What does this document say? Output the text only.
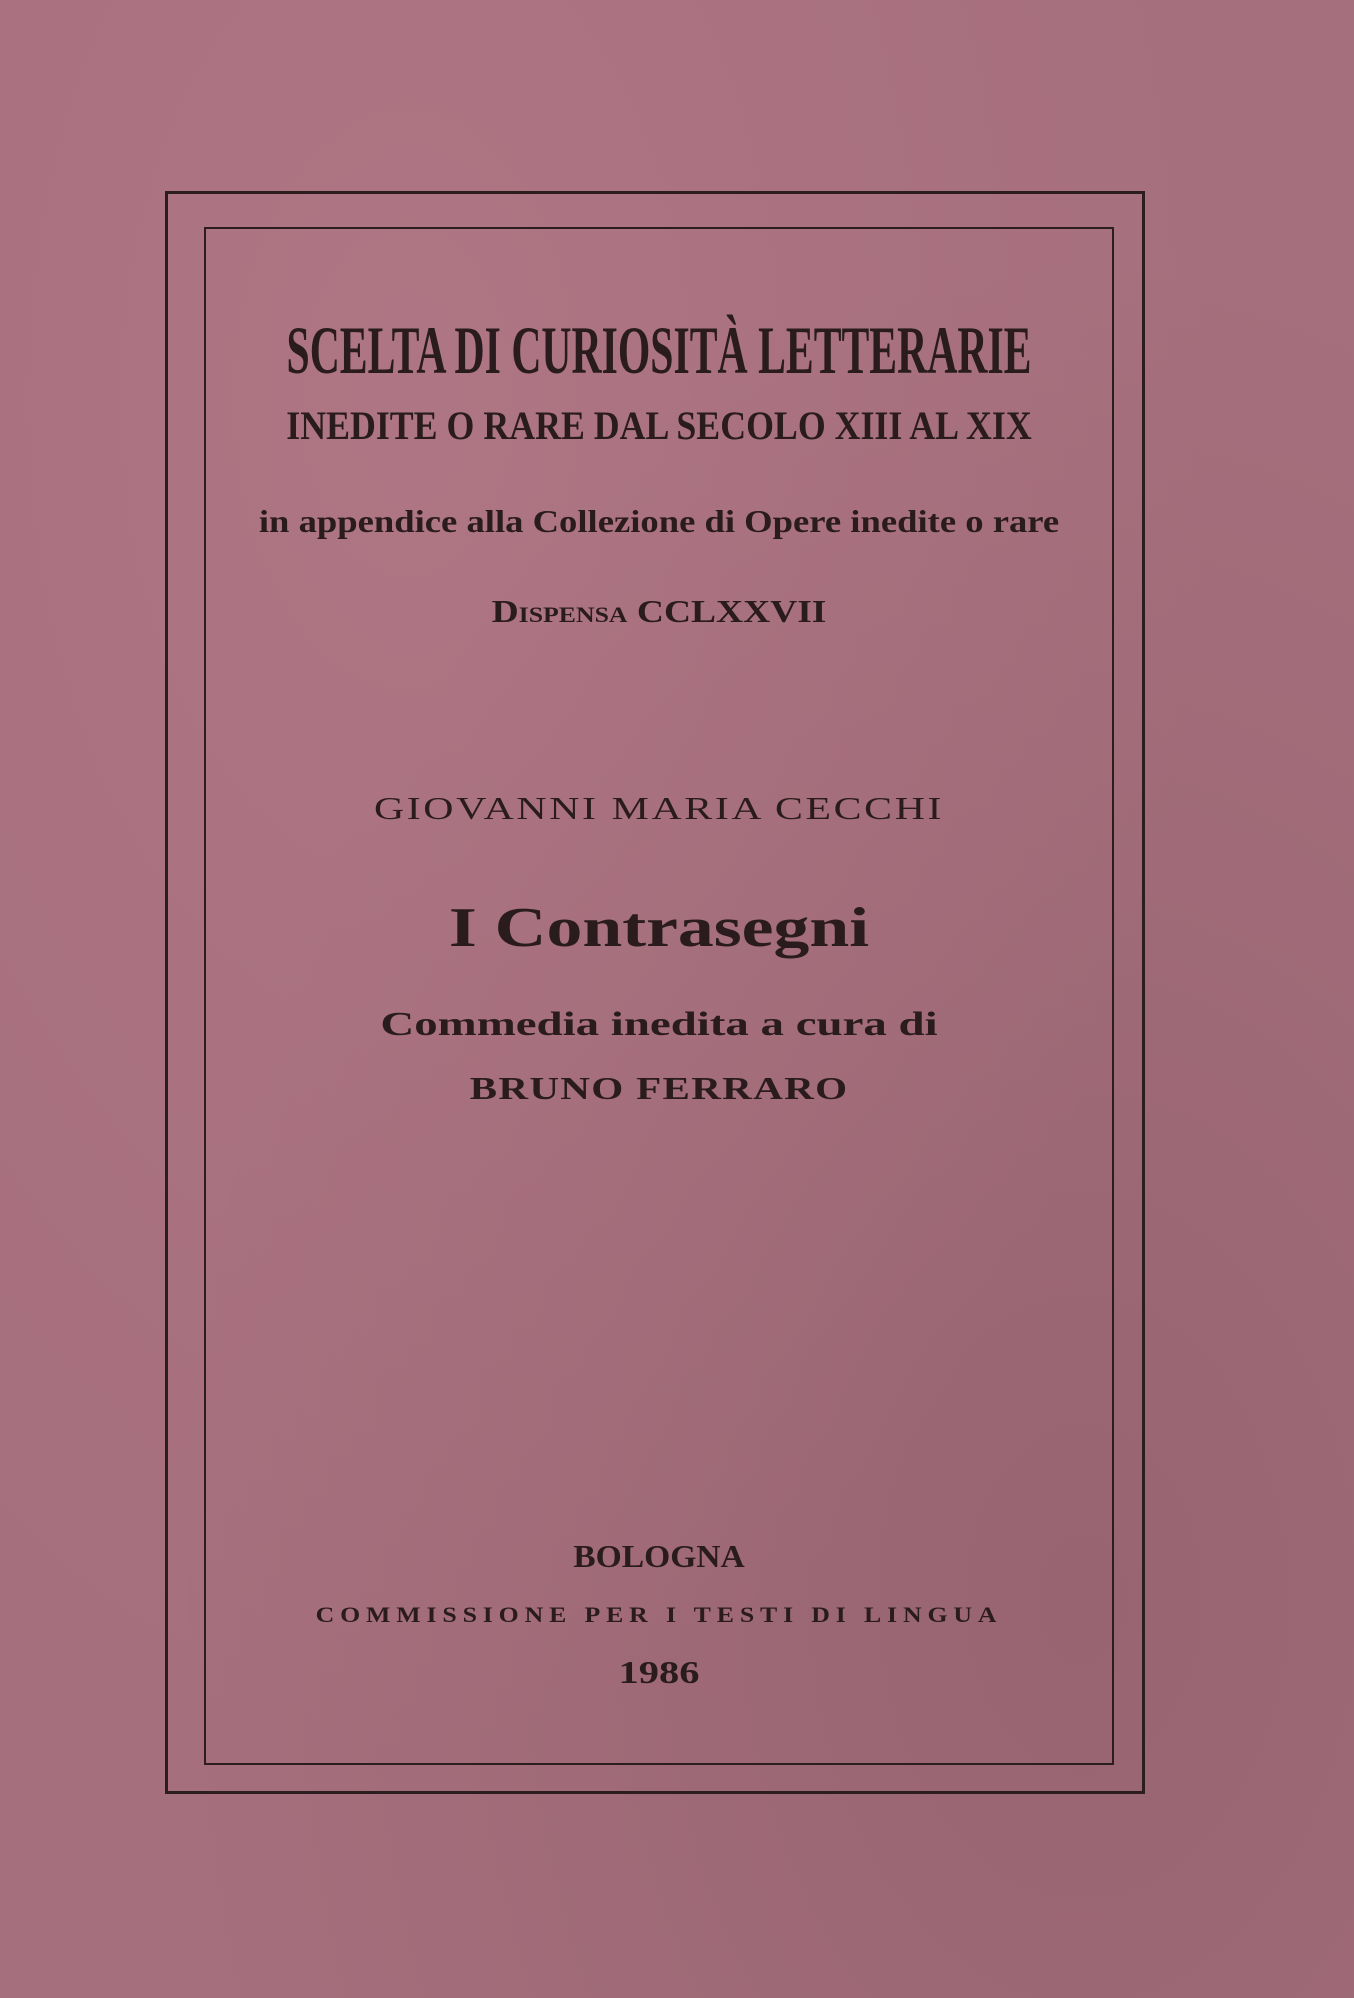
SCELTA DI CURIOSITÀ LETTERARIE
INEDITE O RARE DAL SECOLO XIII AL XIX
in appendice alla Collezione di Opere inedite o rare
Dispensa CCLXXVII
GIOVANNI MARIA CECCHI
I Contrasegni
Commedia inedita a cura di
BRUNO FERRARO
BOLOGNA
COMMISSIONE PER I TESTI DI LINGUA
1986
